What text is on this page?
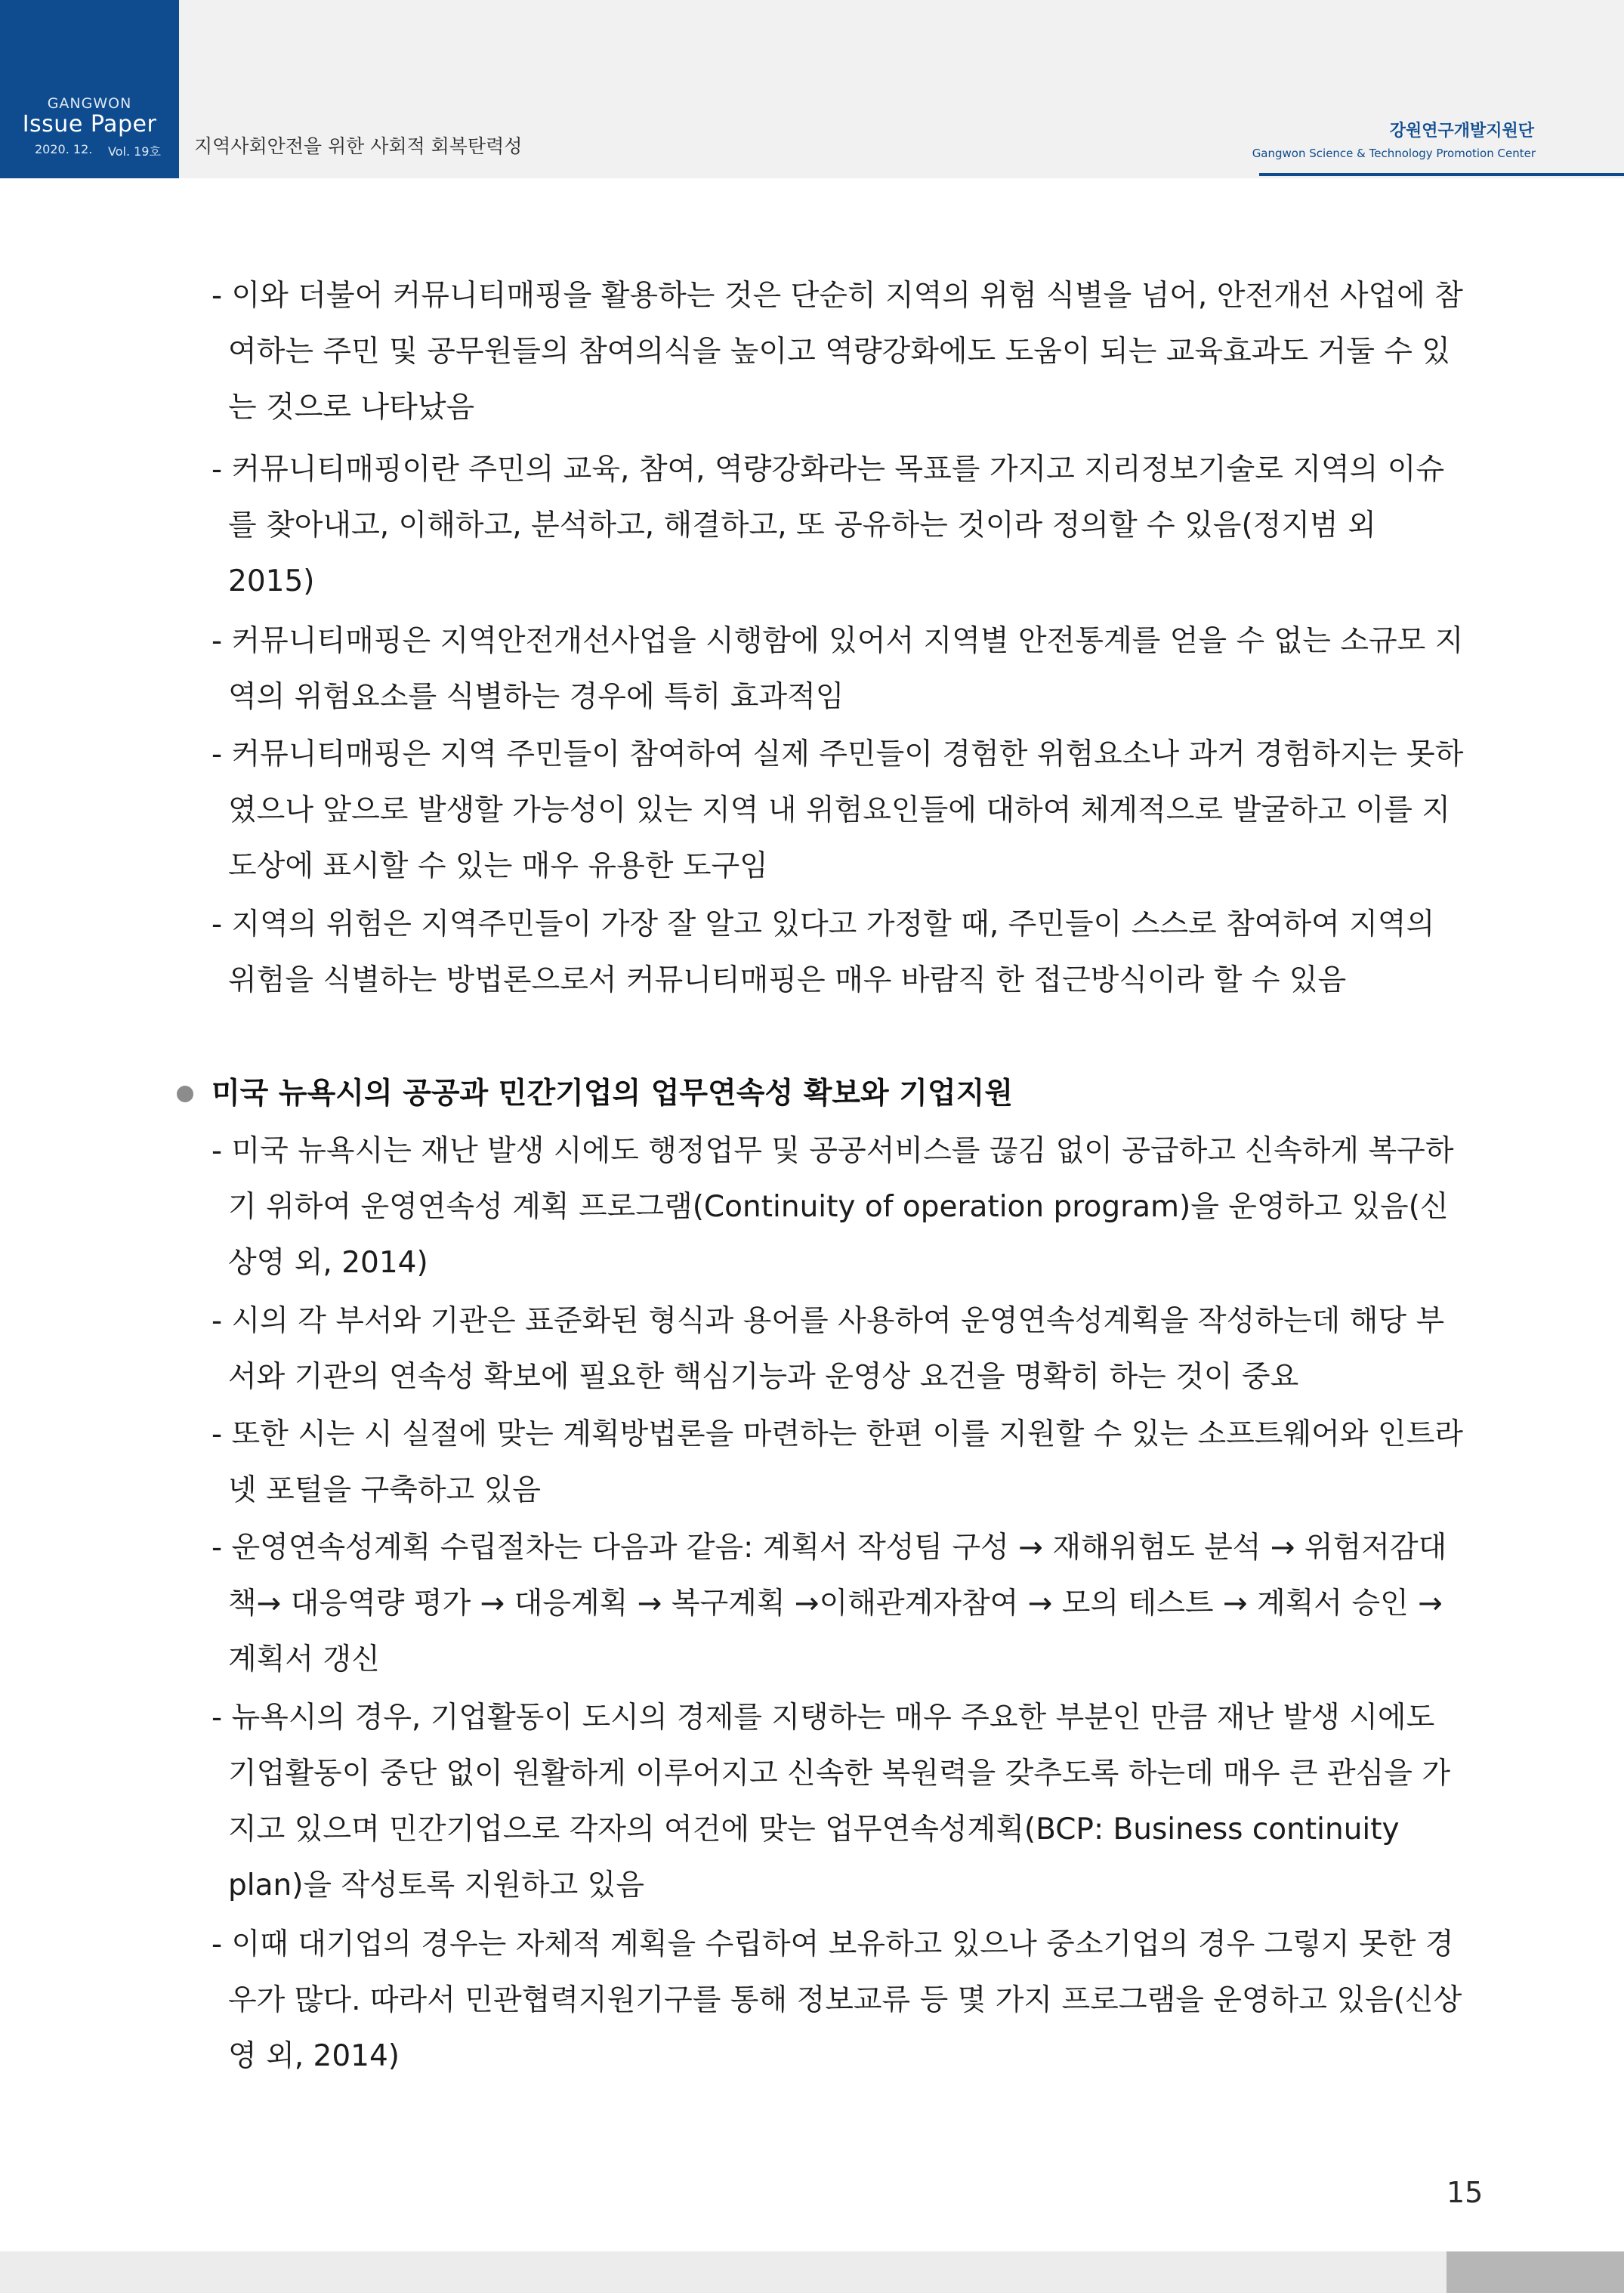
GANGWON
Issue Paper
2020. 12. Vol. 19호 지역사회안전을 위한 사회적 회복탄력성
강원연구개발지원단
Gangwon Science & Technology Promotion Center

- 이와 더불어 커뮤니티매핑을 활용하는 것은 단순히 지역의 위험 식별을 넘어, 안전개선 사업에 참여하는 주민 및 공무원들의 참여의식을 높이고 역량강화에도 도움이 되는 교육효과도 거둘 수 있는 것으로 나타났음

- 커뮤니티매핑이란 주민의 교육, 참여, 역량강화라는 목표를 가지고 지리정보기술로 지역의 이슈를 찾아내고, 이해하고, 분석하고, 해결하고, 또 공유하는 것이라 정의할 수 있음(정지범 외 2015)

- 커뮤니티매핑은 지역안전개선사업을 시행함에 있어서 지역별 안전통계를 얻을 수 없는 소규모 지역의 위험요소를 식별하는 경우에 특히 효과적임

- 커뮤니티매핑은 지역 주민들이 참여하여 실제 주민들이 경험한 위험요소나 과거 경험하지는 못하였으나 앞으로 발생할 가능성이 있는 지역 내 위험요인들에 대하여 체계적으로 발굴하고 이를 지도상에 표시할 수 있는 매우 유용한 도구임

- 지역의 위험은 지역주민들이 가장 잘 알고 있다고 가정할 때, 주민들이 스스로 참여하여 지역의 위험을 식별하는 방법론으로서 커뮤니티매핑은 매우 바람직 한 접근방식이라 할 수 있음

미국 뉴욕시의 공공과 민간기업의 업무연속성 확보와 기업지원

- 미국 뉴욕시는 재난 발생 시에도 행정업무 및 공공서비스를 끊김 없이 공급하고 신속하게 복구하기 위하여 운영연속성 계획 프로그램(Continuity of operation program)을 운영하고 있음(신상영 외, 2014)

- 시의 각 부서와 기관은 표준화된 형식과 용어를 사용하여 운영연속성계획을 작성하는데 해당 부서와 기관의 연속성 확보에 필요한 핵심기능과 운영상 요건을 명확히 하는 것이 중요

- 또한 시는 시 실절에 맞는 계획방법론을 마련하는 한편 이를 지원할 수 있는 소프트웨어와 인트라넷 포털을 구축하고 있음

- 운영연속성계획 수립절차는 다음과 같음: 계획서 작성팀 구성 → 재해위험도 분석 → 위험저감대책→ 대응역량 평가 → 대응계획 → 복구계획 →이해관계자참여 → 모의 테스트 → 계획서 승인 →계획서 갱신

- 뉴욕시의 경우, 기업활동이 도시의 경제를 지탱하는 매우 주요한 부분인 만큼 재난 발생 시에도 기업활동이 중단 없이 원활하게 이루어지고 신속한 복원력을 갖추도록 하는데 매우 큰 관심을 가지고 있으며 민간기업으로 각자의 여건에 맞는 업무연속성계획(BCP: Business continuity plan)을 작성토록 지원하고 있음

- 이때 대기업의 경우는 자체적 계획을 수립하여 보유하고 있으나 중소기업의 경우 그렇지 못한 경우가 많다. 따라서 민관협력지원기구를 통해 정보교류 등 몇 가지 프로그램을 운영하고 있음(신상영 외, 2014)

15
